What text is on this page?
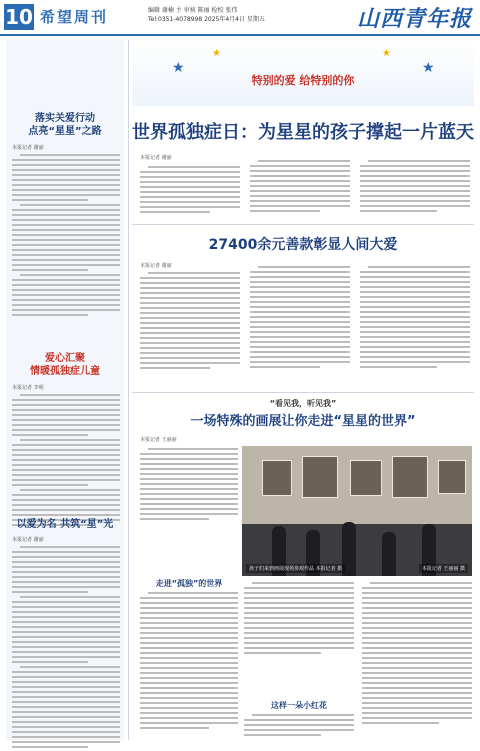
10 希望周刊	编辑 谢楠 主 审核 陈丽 检校 张伟
Tel:0351-4078998 2025年4月4日 星期五	山西青年报
落实关爱行动
点亮“星星”之路
本报记者 谢丽
爱心汇聚
情暖孤独症儿童
本报记者 李明
以爱为名 共筑“星”光
本报记者 谢丽
★	★
★	★
特别的爱 给特别的你
世界孤独症日：为星星的孩子撑起一片蓝天
本报记者 谢丽
27400余元善款彰显人间大爱
本报记者 谢丽
“看见我，听见我”
一场特殊的画展让你走进“星星的世界”
本报记者 王丽丽
孩子们来到画展现场参观作品 本报记者 摄	本报记者 王丽丽 摄
走进“孤独”的世界
这样一朵小红花
